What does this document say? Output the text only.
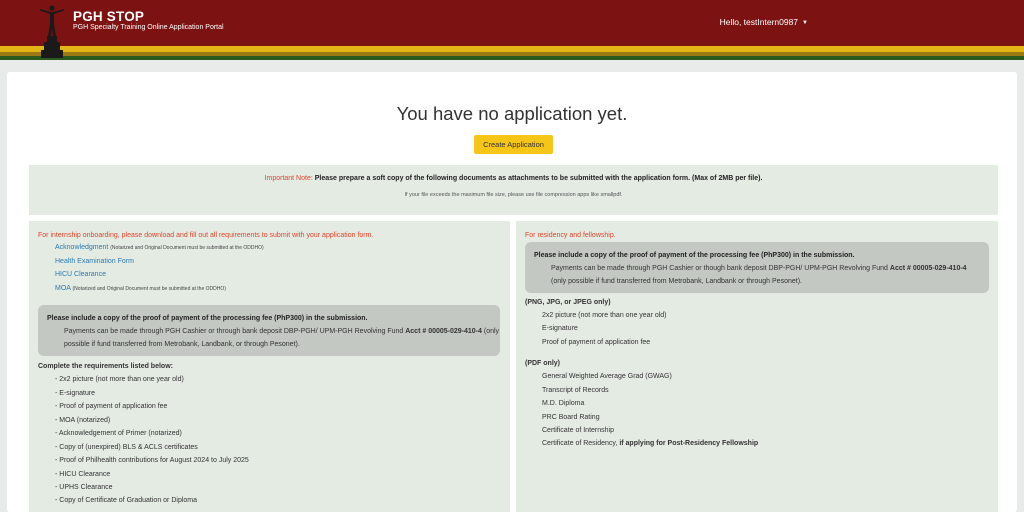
PGH STOP
PGH Specialty Training Online Application Portal
Hello, testIntern0987 ▼
You have no application yet.
Create Application
Important Note: Please prepare a soft copy of the following documents as attachments to be submitted with the application form. (Max of 2MB per file).
If your file exceeds the maximum file size, please use file compression apps like smallpdf.
For internship onboarding, please download and fill out all requirements to submit with your application form.
Acknowledgment (Notarized and Original Document must be submitted at the ODDHO)
Health Examination Form
HICU Clearance
MOA (Notarized and Original Document must be submitted at the ODDHO)
Please include a copy of the proof of payment of the processing fee (PhP300) in the submission.
Payments can be made through PGH Cashier or through bank deposit DBP-PGH/ UPM-PGH Revolving Fund Acct # 00005-029-410-4 (only possible if fund transferred from Metrobank, Landbank, or through Pesonet).
Complete the requirements listed below:
- 2x2 picture (not more than one year old)
- E-signature
- Proof of payment of application fee
- MOA (notarized)
- Acknowledgement of Primer (notarized)
- Copy of (unexpired) BLS & ACLS certificates
- Proof of Philhealth contributions for August 2024 to July 2025
- HICU Clearance
- UPHS Clearance
- Copy of Certificate of Graduation or Diploma
For residency and fellowship.
Please include a copy of the proof of payment of the processing fee (PhP300) in the submission.
Payments can be made through PGH Cashier or though bank deposit DBP-PGH/ UPM-PGH Revolving Fund Acct # 00005-029-410-4 (only possible if fund transferred from Metrobank, Landbank or through Pesonet).
(PNG, JPG, or JPEG only)
2x2 picture (not more than one year old)
E-signature
Proof of payment of application fee
(PDF only)
General Weighted Average Grad (GWAG)
Transcript of Records
M.D. Diploma
PRC Board Rating
Certificate of Internship
Certificate of Residency, if applying for Post-Residency Fellowship
